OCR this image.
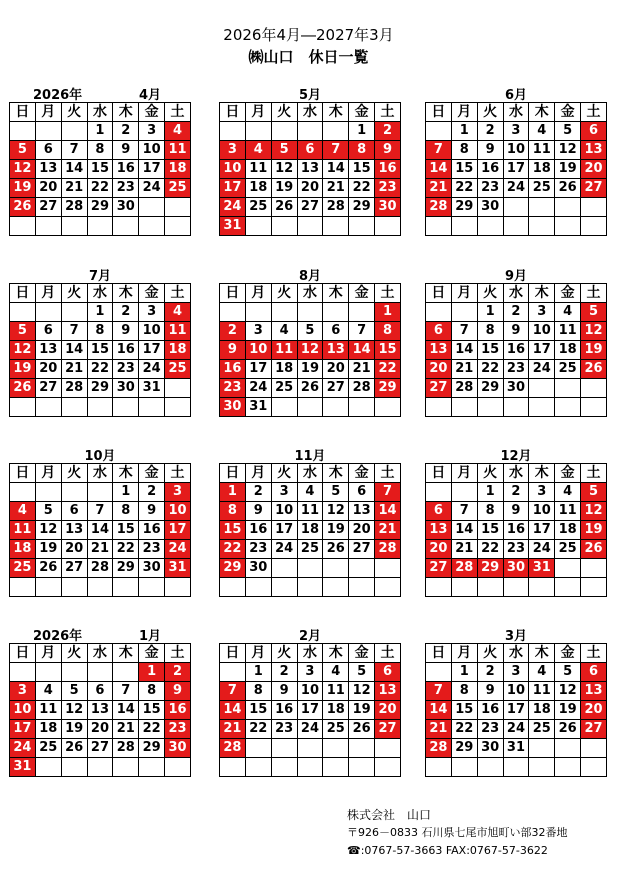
2026年4月―2027年3月
㈱山口　休日一覧
2026年	4月
日	月	火	水	木	金	土
			1	2	3	4
5	6	7	8	9	10	11
12	13	14	15	16	17	18
19	20	21	22	23	24	25
26	27	28	29	30		

5月
日	月	火	水	木	金	土
					1	2
3	4	5	6	7	8	9
10	11	12	13	14	15	16
17	18	19	20	21	22	23
24	25	26	27	28	29	30
31						
6月
日	月	火	水	木	金	土
	1	2	3	4	5	6
7	8	9	10	11	12	13
14	15	16	17	18	19	20
21	22	23	24	25	26	27
28	29	30				

7月
日	月	火	水	木	金	土
			1	2	3	4
5	6	7	8	9	10	11
12	13	14	15	16	17	18
19	20	21	22	23	24	25
26	27	28	29	30	31	

8月
日	月	火	水	木	金	土
						1
2	3	4	5	6	7	8
9	10	11	12	13	14	15
16	17	18	19	20	21	22
23	24	25	26	27	28	29
30	31					
9月
日	月	火	水	木	金	土
		1	2	3	4	5
6	7	8	9	10	11	12
13	14	15	16	17	18	19
20	21	22	23	24	25	26
27	28	29	30			

10月
日	月	火	水	木	金	土
				1	2	3
4	5	6	7	8	9	10
11	12	13	14	15	16	17
18	19	20	21	22	23	24
25	26	27	28	29	30	31

11月
日	月	火	水	木	金	土
1	2	3	4	5	6	7
8	9	10	11	12	13	14
15	16	17	18	19	20	21
22	23	24	25	26	27	28
29	30					

12月
日	月	火	水	木	金	土
		1	2	3	4	5
6	7	8	9	10	11	12
13	14	15	16	17	18	19
20	21	22	23	24	25	26
27	28	29	30	31		

2026年	1月
日	月	火	水	木	金	土
					1	2
3	4	5	6	7	8	9
10	11	12	13	14	15	16
17	18	19	20	21	22	23
24	25	26	27	28	29	30
31						
2月
日	月	火	水	木	金	土
	1	2	3	4	5	6
7	8	9	10	11	12	13
14	15	16	17	18	19	20
21	22	23	24	25	26	27
28						

3月
日	月	火	水	木	金	土
	1	2	3	4	5	6
7	8	9	10	11	12	13
14	15	16	17	18	19	20
21	22	23	24	25	26	27
28	29	30	31			

株式会社　山口
〒926－0833 石川県七尾市旭町い部32番地
☎:0767-57-3663 FAX:0767-57-3622
